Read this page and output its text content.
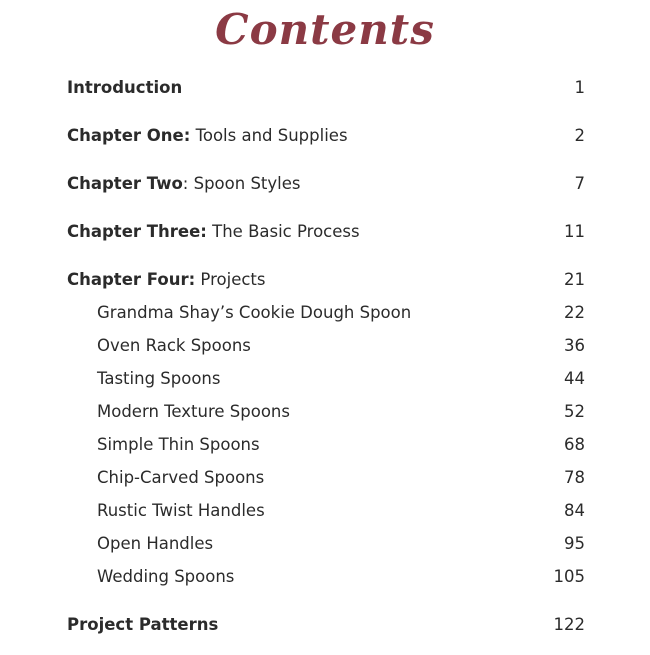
Contents
Introduction	1
Chapter One: Tools and Supplies	2
Chapter Two: Spoon Styles	7
Chapter Three: The Basic Process	11
Chapter Four: Projects	21
Grandma Shay’s Cookie Dough Spoon	22
Oven Rack Spoons	36
Tasting Spoons	44
Modern Texture Spoons	52
Simple Thin Spoons	68
Chip-Carved Spoons	78
Rustic Twist Handles	84
Open Handles	95
Wedding Spoons	105
Project Patterns	122
